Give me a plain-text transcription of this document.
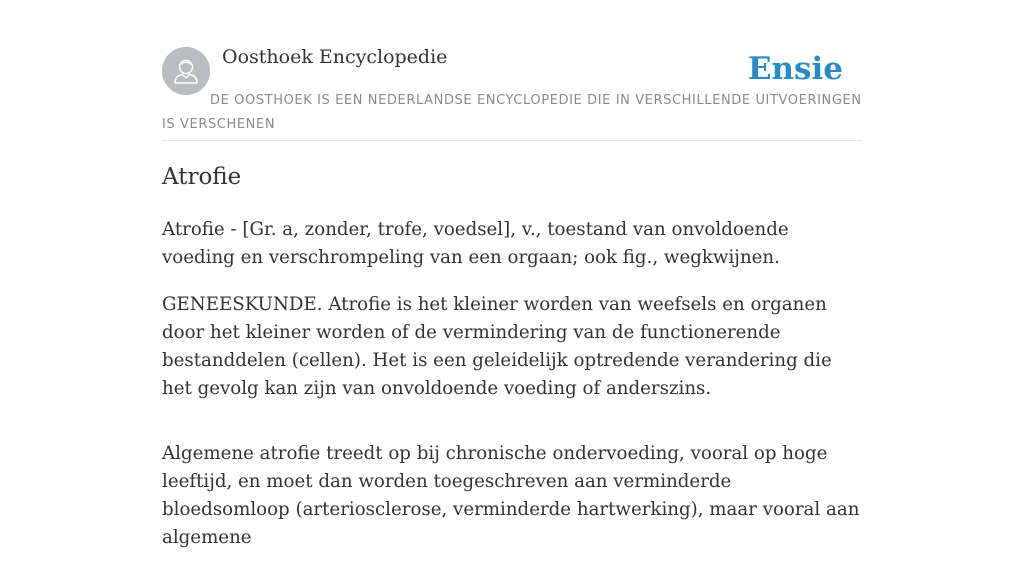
Oosthoek Encyclopedie	Ensie
DE OOSTHOEK IS EEN NEDERLANDSE ENCYCLOPEDIE DIE IN VERSCHILLENDE UITVOERINGEN IS VERSCHENEN
Atrofie

Atrofie - [Gr. a, zonder, trofe, voedsel], v., toestand van onvoldoende voeding en verschrompeling van een orgaan; ook fig., wegkwijnen.

GENEESKUNDE. Atrofie is het kleiner worden van weefsels en organen door het kleiner worden of de vermindering van de functionerende bestanddelen (cellen). Het is een geleidelijk optredende verandering die het gevolg kan zijn van onvoldoende voeding of anderszins.

Algemene atrofie treedt op bij chronische ondervoeding, vooral op hoge leeftijd, en moet dan worden toegeschreven aan verminderde bloedsomloop (arteriosclerose, verminderde hartwerking), maar vooral aan algemene
